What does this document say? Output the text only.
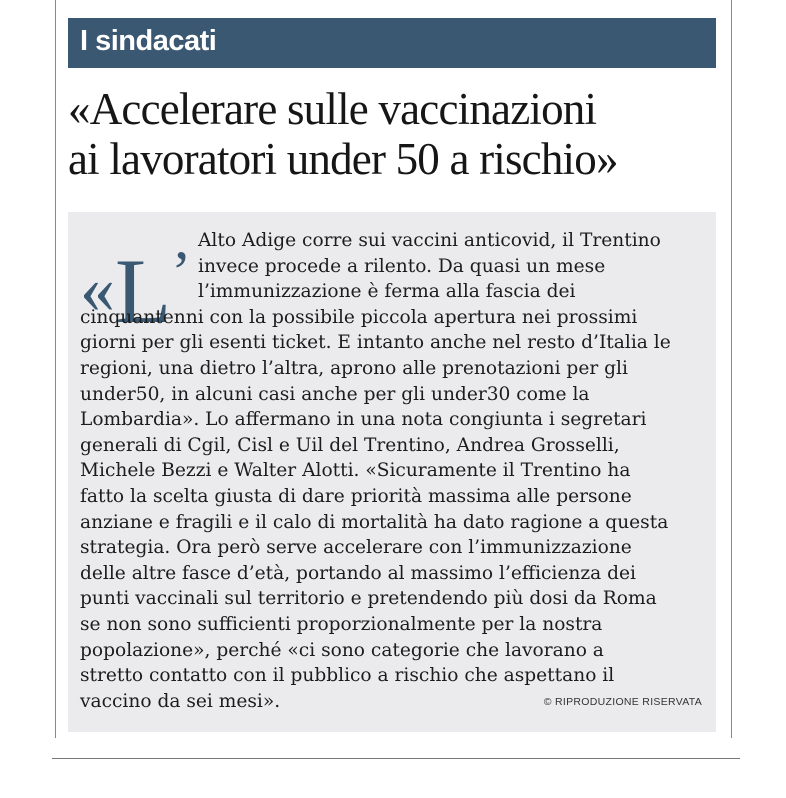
I sindacati
«Accelerare sulle vaccinazioni
ai lavoratori under 50 a rischio»
«L’ Alto Adige corre sui vaccini anticovid, il Trentino
invece procede a rilento. Da quasi un mese
l’immunizzazione è ferma alla fascia dei
cinquantenni con la possibile piccola apertura nei prossimi
giorni per gli esenti ticket. E intanto anche nel resto d’Italia le
regioni, una dietro l’altra, aprono alle prenotazioni per gli
under50, in alcuni casi anche per gli under30 come la
Lombardia». Lo affermano in una nota congiunta i segretari
generali di Cgil, Cisl e Uil del Trentino, Andrea Grosselli,
Michele Bezzi e Walter Alotti. «Sicuramente il Trentino ha
fatto la scelta giusta di dare priorità massima alle persone
anziane e fragili e il calo di mortalità ha dato ragione a questa
strategia. Ora però serve accelerare con l’immunizzazione
delle altre fasce d’età, portando al massimo l’efficienza dei
punti vaccinali sul territorio e pretendendo più dosi da Roma
se non sono sufficienti proporzionalmente per la nostra
popolazione», perché «ci sono categorie che lavorano a
stretto contatto con il pubblico a rischio che aspettano il
vaccino da sei mesi».	© RIPRODUZIONE RISERVATA
